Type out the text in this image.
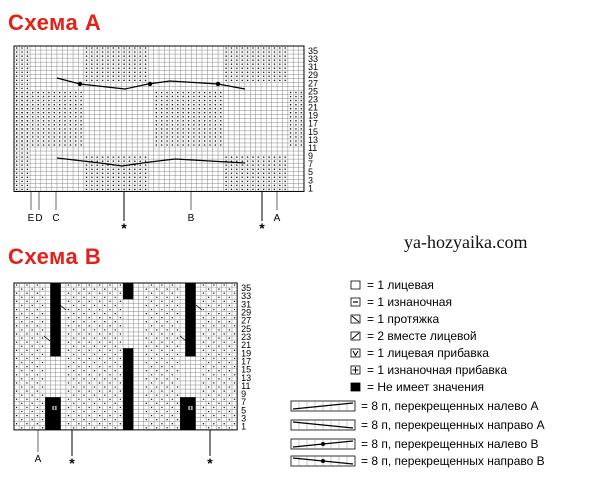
Схема А
Схема В
ya-hozyaika.com
35
33
31
29
27
25
23
21
19
17
15
13
11
9
7
5
3
1
E D C
*
B
*
A
35
33
31
29
27
25
23
21
19
17
15
13
11
9
7
5
3
1
A *	*
= 1 лицевая
= 1 изнаночная
= 1 протяжка
= 2 вместе лицевой
= 1 лицевая прибавка
= 1 изнаночная прибавка
= Не имеет значения
= 8 п, перекрещенных налево А
= 8 п, перекрещенных направо А
= 8 п, перекрещенных налево В
= 8 п, перекрещенных направо В
